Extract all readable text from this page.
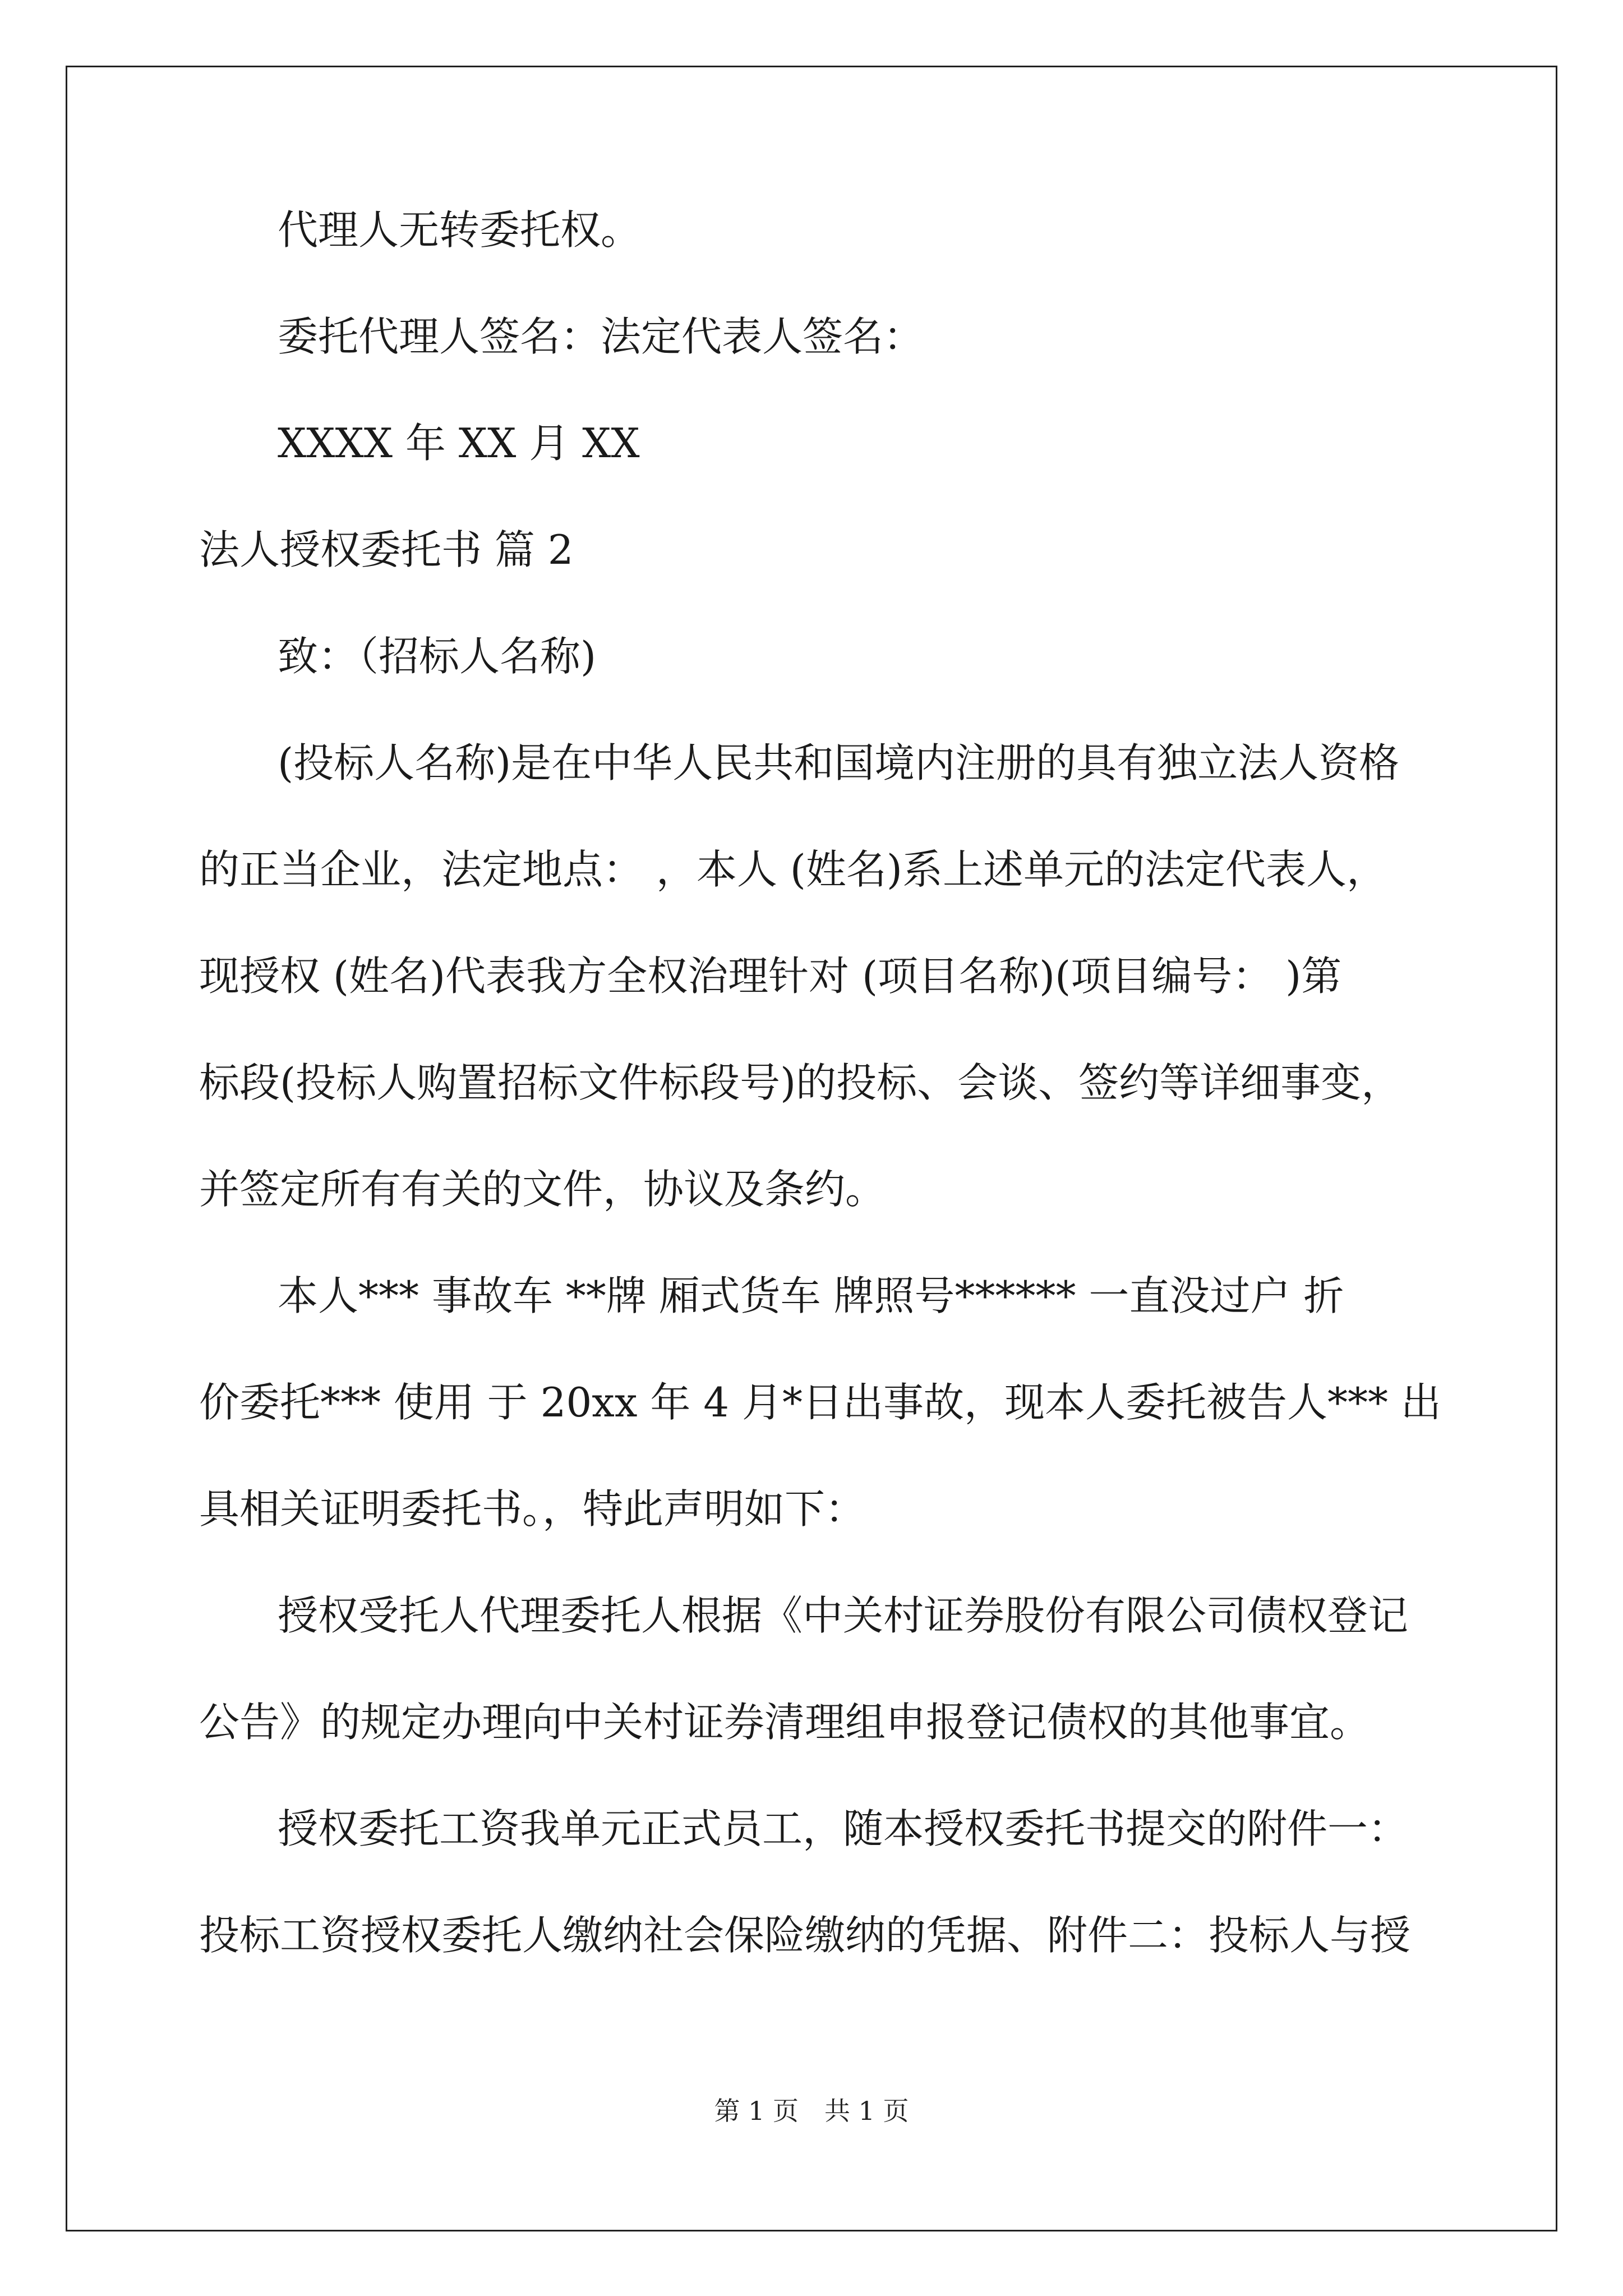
代理人无转委托权。
委托代理人签名：法定代表人签名：
XXXX 年 XX 月 XX
法人授权委托书 篇 2
致：（招标人名称)
(投标人名称)是在中华人民共和国境内注册的具有独立法人资格
的正当企业，法定地点： ，本人 (姓名)系上述单元的法定代表人，
现授权 (姓名)代表我方全权治理针对 (项目名称)(项目编号： )第
标段(投标人购置招标文件标段号)的投标、会谈、签约等详细事变，
并签定所有有关的文件，协议及条约。
本人*** 事故车 **牌 厢式货车 牌照号****** 一直没过户 折
价委托*** 使用 于 20xx 年 4 月*日出事故，现本人委托被告人*** 出
具相关证明委托书。，特此声明如下：
授权受托人代理委托人根据《中关村证券股份有限公司债权登记
公告》的规定办理向中关村证券清理组申报登记债权的其他事宜。
授权委托工资我单元正式员工，随本授权委托书提交的附件一：
投标工资授权委托人缴纳社会保险缴纳的凭据、附件二：投标人与授
第 1 页　共 1 页
